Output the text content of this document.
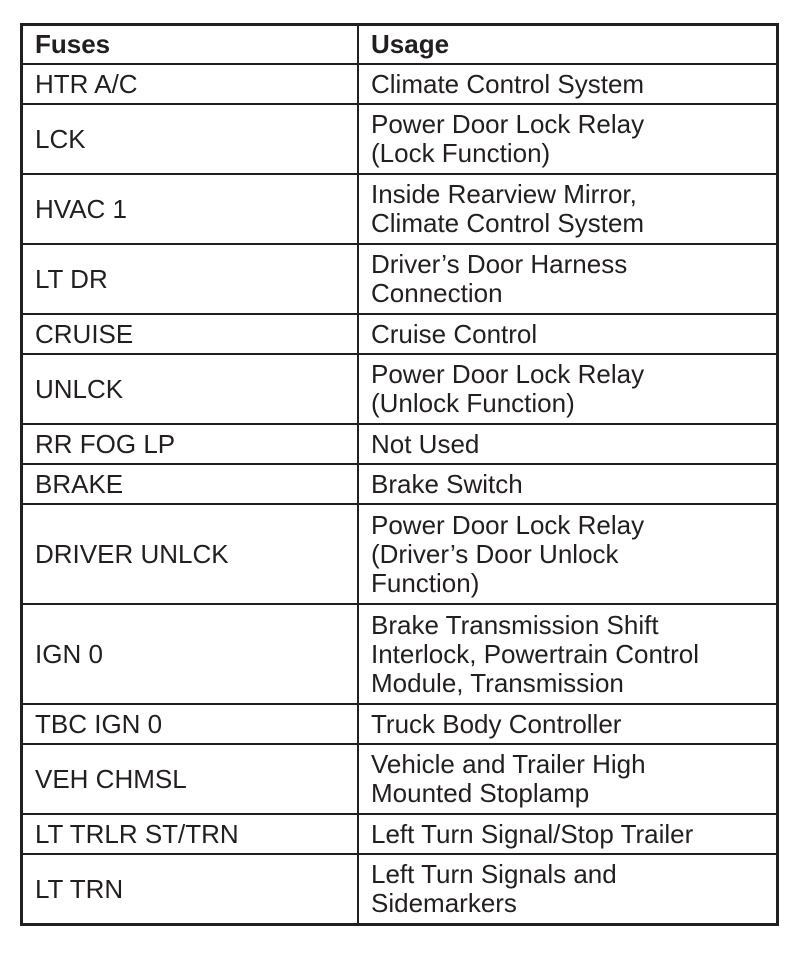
Fuses	Usage
HTR A/C	Climate Control System
LCK	Power Door Lock Relay
(Lock Function)
HVAC 1	Inside Rearview Mirror,
Climate Control System
LT DR	Driver’s Door Harness
Connection
CRUISE	Cruise Control
UNLCK	Power Door Lock Relay
(Unlock Function)
RR FOG LP	Not Used
BRAKE	Brake Switch
DRIVER UNLCK	Power Door Lock Relay
(Driver’s Door Unlock
Function)
IGN 0	Brake Transmission Shift
Interlock, Powertrain Control
Module, Transmission
TBC IGN 0	Truck Body Controller
VEH CHMSL	Vehicle and Trailer High
Mounted Stoplamp
LT TRLR ST/TRN	Left Turn Signal/Stop Trailer
LT TRN	Left Turn Signals and
Sidemarkers
